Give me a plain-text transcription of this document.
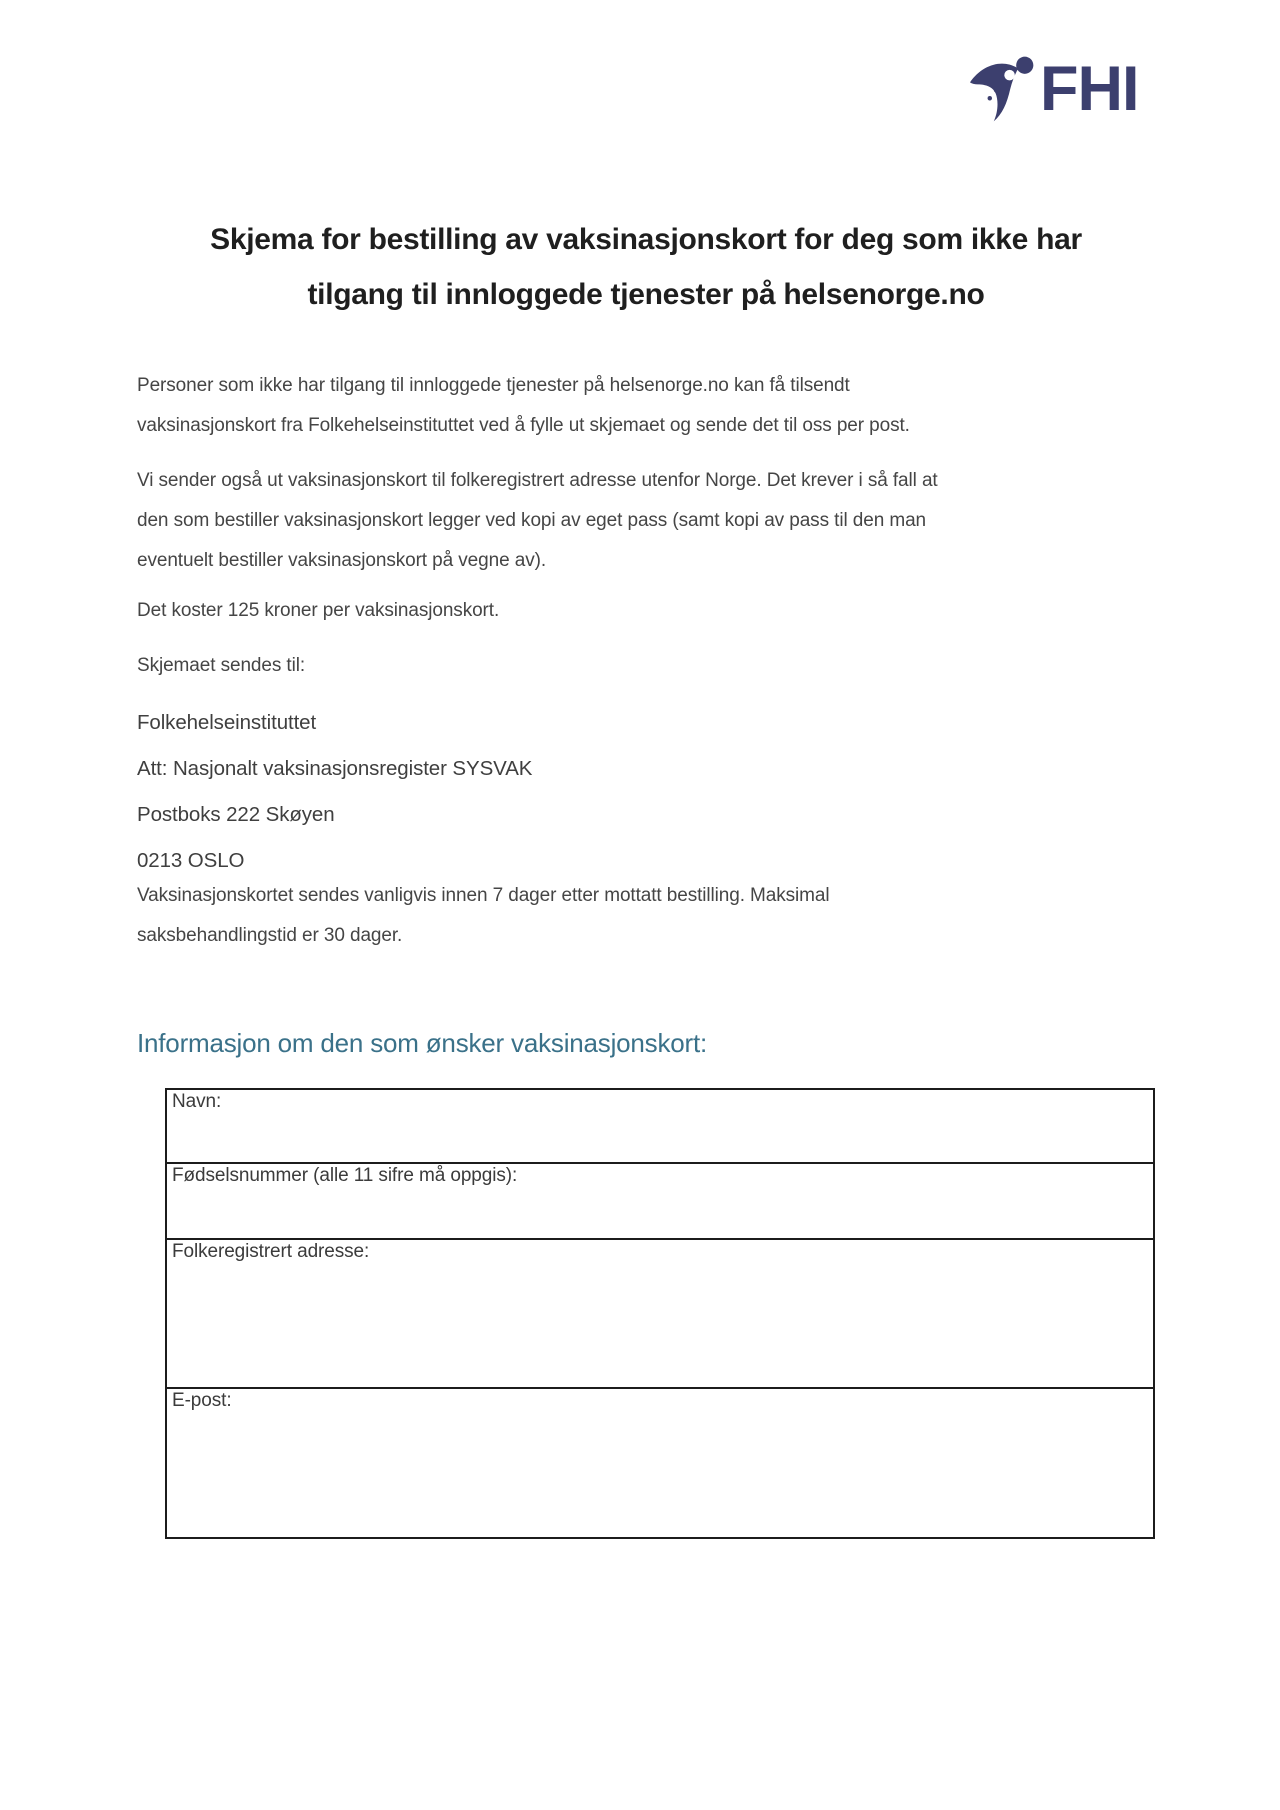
FHI
Skjema for bestilling av vaksinasjonskort for deg som ikke har
tilgang til innloggede tjenester på helsenorge.no
Personer som ikke har tilgang til innloggede tjenester på helsenorge.no kan få tilsendt
vaksinasjonskort fra Folkehelseinstituttet ved å fylle ut skjemaet og sende det til oss per post.
Vi sender også ut vaksinasjonskort til folkeregistrert adresse utenfor Norge. Det krever i så fall at
den som bestiller vaksinasjonskort legger ved kopi av eget pass (samt kopi av pass til den man
eventuelt bestiller vaksinasjonskort på vegne av).
Det koster 125 kroner per vaksinasjonskort.
Skjemaet sendes til:
Folkehelseinstituttet
Att: Nasjonalt vaksinasjonsregister SYSVAK
Postboks 222 Skøyen
0213 OSLO
Vaksinasjonskortet sendes vanligvis innen 7 dager etter mottatt bestilling. Maksimal
saksbehandlingstid er 30 dager.
Informasjon om den som ønsker vaksinasjonskort:
Navn:
Fødselsnummer (alle 11 sifre må oppgis):
Folkeregistrert adresse:
E-post:
